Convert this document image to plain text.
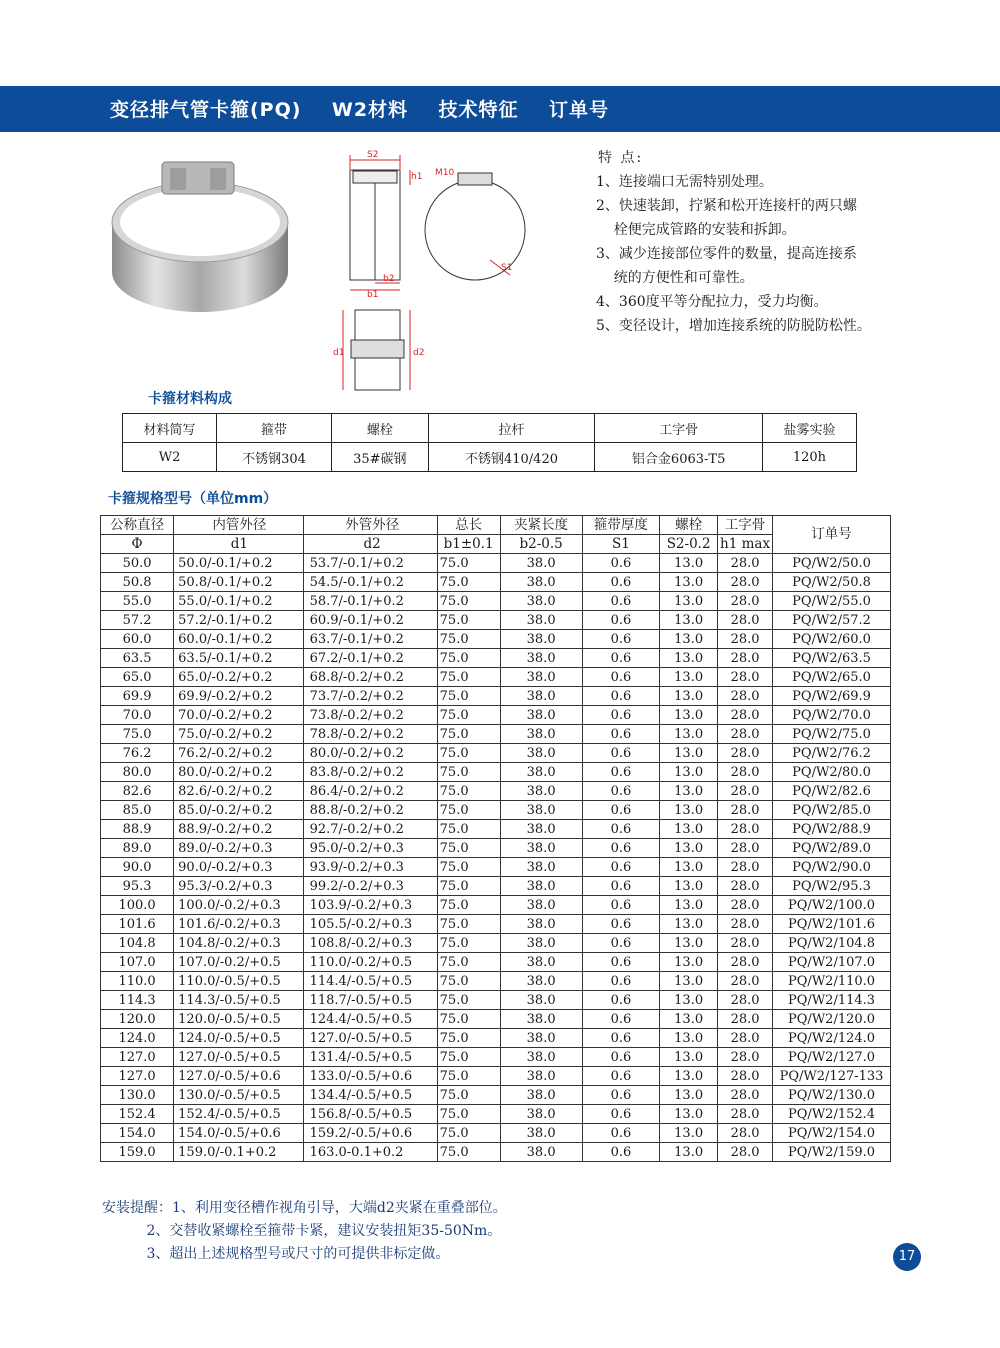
变径排气管卡箍(PQ)    W2材料    技术特征    订单号
S2
h1 M10
b2
b1
S1
d1	d2
特 点:
1、连接端口无需特别处理。
2、快速装卸，拧紧和松开连接杆的两只螺
栓便完成管路的安装和拆卸。
3、减少连接部位零件的数量，提高连接系
统的方便性和可靠性。
4、360度平等分配拉力，受力均衡。
5、变径设计，增加连接系统的防脱防松性。
卡箍材料构成
材料简写	箍带	螺栓	拉杆	工字骨	盐雾实验
W2	不锈钢304	35#碳钢	不锈钢410/420	铝合金6063-T5	120h
卡箍规格型号（单位mm）
公称直径	内管外径	外管外径	总长	夹紧长度	箍带厚度	螺栓	工字骨	订单号
Φ	d1	d2	b1±0.1	b2-0.5	S1	S2-0.2	h1 max	
50.0	50.0/-0.1/+0.2	53.7/-0.1/+0.2	75.0	38.0	0.6	13.0	28.0	PQ/W2/50.0
50.8	50.8/-0.1/+0.2	54.5/-0.1/+0.2	75.0	38.0	0.6	13.0	28.0	PQ/W2/50.8
55.0	55.0/-0.1/+0.2	58.7/-0.1/+0.2	75.0	38.0	0.6	13.0	28.0	PQ/W2/55.0
57.2	57.2/-0.1/+0.2	60.9/-0.1/+0.2	75.0	38.0	0.6	13.0	28.0	PQ/W2/57.2
60.0	60.0/-0.1/+0.2	63.7/-0.1/+0.2	75.0	38.0	0.6	13.0	28.0	PQ/W2/60.0
63.5	63.5/-0.1/+0.2	67.2/-0.1/+0.2	75.0	38.0	0.6	13.0	28.0	PQ/W2/63.5
65.0	65.0/-0.2/+0.2	68.8/-0.2/+0.2	75.0	38.0	0.6	13.0	28.0	PQ/W2/65.0
69.9	69.9/-0.2/+0.2	73.7/-0.2/+0.2	75.0	38.0	0.6	13.0	28.0	PQ/W2/69.9
70.0	70.0/-0.2/+0.2	73.8/-0.2/+0.2	75.0	38.0	0.6	13.0	28.0	PQ/W2/70.0
75.0	75.0/-0.2/+0.2	78.8/-0.2/+0.2	75.0	38.0	0.6	13.0	28.0	PQ/W2/75.0
76.2	76.2/-0.2/+0.2	80.0/-0.2/+0.2	75.0	38.0	0.6	13.0	28.0	PQ/W2/76.2
80.0	80.0/-0.2/+0.2	83.8/-0.2/+0.2	75.0	38.0	0.6	13.0	28.0	PQ/W2/80.0
82.6	82.6/-0.2/+0.2	86.4/-0.2/+0.2	75.0	38.0	0.6	13.0	28.0	PQ/W2/82.6
85.0	85.0/-0.2/+0.2	88.8/-0.2/+0.2	75.0	38.0	0.6	13.0	28.0	PQ/W2/85.0
88.9	88.9/-0.2/+0.2	92.7/-0.2/+0.2	75.0	38.0	0.6	13.0	28.0	PQ/W2/88.9
89.0	89.0/-0.2/+0.3	95.0/-0.2/+0.3	75.0	38.0	0.6	13.0	28.0	PQ/W2/89.0
90.0	90.0/-0.2/+0.3	93.9/-0.2/+0.3	75.0	38.0	0.6	13.0	28.0	PQ/W2/90.0
95.3	95.3/-0.2/+0.3	99.2/-0.2/+0.3	75.0	38.0	0.6	13.0	28.0	PQ/W2/95.3
100.0	100.0/-0.2/+0.3	103.9/-0.2/+0.3	75.0	38.0	0.6	13.0	28.0	PQ/W2/100.0
101.6	101.6/-0.2/+0.3	105.5/-0.2/+0.3	75.0	38.0	0.6	13.0	28.0	PQ/W2/101.6
104.8	104.8/-0.2/+0.3	108.8/-0.2/+0.3	75.0	38.0	0.6	13.0	28.0	PQ/W2/104.8
107.0	107.0/-0.2/+0.5	110.0/-0.2/+0.5	75.0	38.0	0.6	13.0	28.0	PQ/W2/107.0
110.0	110.0/-0.5/+0.5	114.4/-0.5/+0.5	75.0	38.0	0.6	13.0	28.0	PQ/W2/110.0
114.3	114.3/-0.5/+0.5	118.7/-0.5/+0.5	75.0	38.0	0.6	13.0	28.0	PQ/W2/114.3
120.0	120.0/-0.5/+0.5	124.4/-0.5/+0.5	75.0	38.0	0.6	13.0	28.0	PQ/W2/120.0
124.0	124.0/-0.5/+0.5	127.0/-0.5/+0.5	75.0	38.0	0.6	13.0	28.0	PQ/W2/124.0
127.0	127.0/-0.5/+0.5	131.4/-0.5/+0.5	75.0	38.0	0.6	13.0	28.0	PQ/W2/127.0
127.0	127.0/-0.5/+0.6	133.0/-0.5/+0.6	75.0	38.0	0.6	13.0	28.0	PQ/W2/127-133
130.0	130.0/-0.5/+0.5	134.4/-0.5/+0.5	75.0	38.0	0.6	13.0	28.0	PQ/W2/130.0
152.4	152.4/-0.5/+0.5	156.8/-0.5/+0.5	75.0	38.0	0.6	13.0	28.0	PQ/W2/152.4
154.0	154.0/-0.5/+0.6	159.2/-0.5/+0.6	75.0	38.0	0.6	13.0	28.0	PQ/W2/154.0
159.0	159.0/-0.1+0.2	163.0-0.1+0.2	75.0	38.0	0.6	13.0	28.0	PQ/W2/159.0
安装提醒：1、利用变径槽作视角引导，大端d2夹紧在重叠部位。
2、交替收紧螺栓至箍带卡紧，建议安装扭矩35-50Nm。
3、超出上述规格型号或尺寸的可提供非标定做。	17
